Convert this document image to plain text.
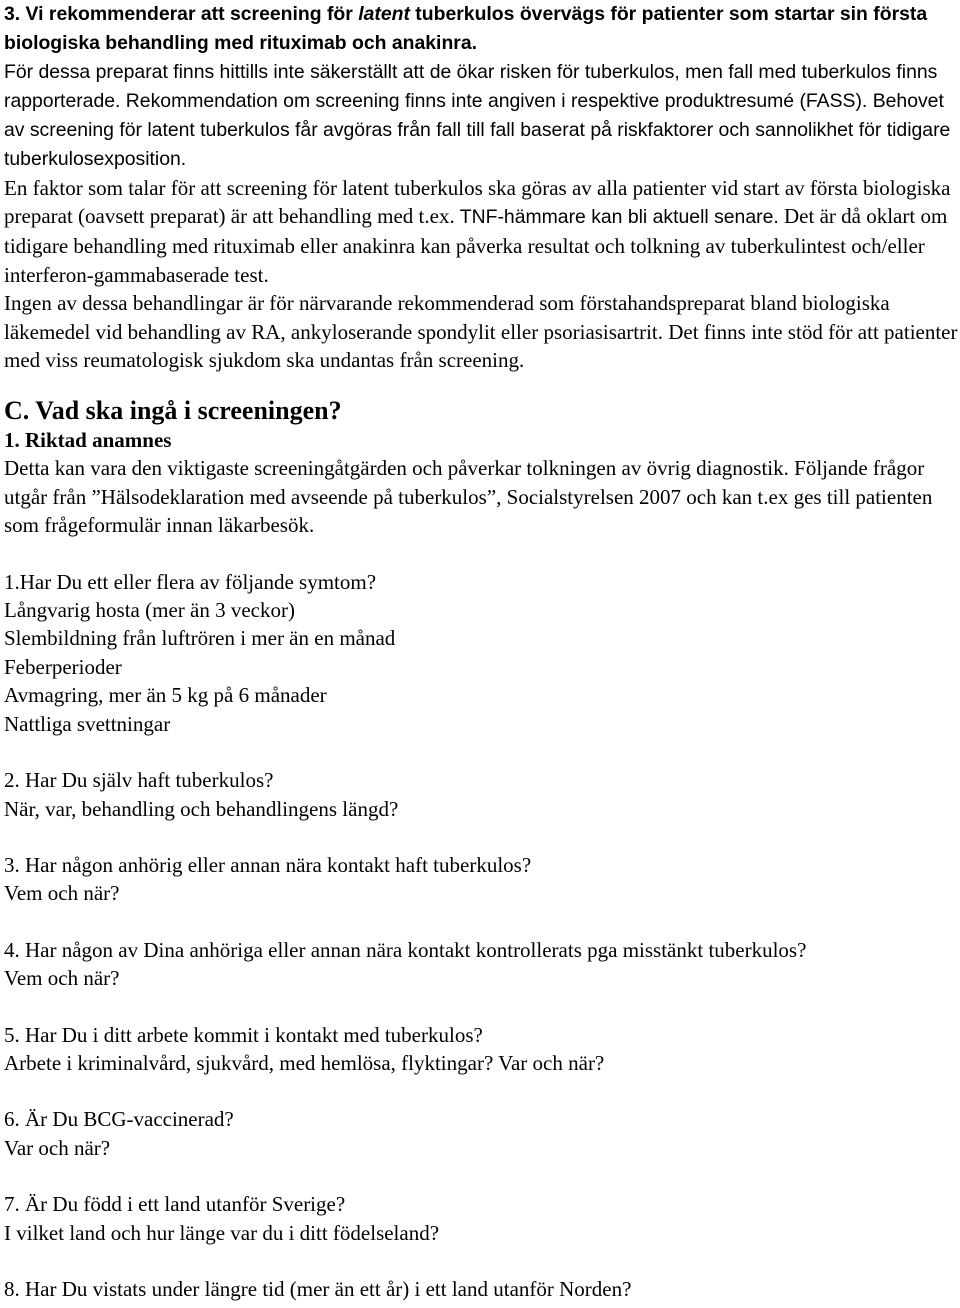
3. Vi rekommenderar att screening för latent tuberkulos övervägs för patienter som startar sin första biologiska behandling med rituximab och anakinra.

För dessa preparat finns hittills inte säkerställt att de ökar risken för tuberkulos, men fall med tuberkulos finns rapporterade. Rekommendation om screening finns inte angiven i respektive produktresumé (FASS). Behovet av screening för latent tuberkulos får avgöras från fall till fall baserat på riskfaktorer och sannolikhet för tidigare tuberkulosexposition.

En faktor som talar för att screening för latent tuberkulos ska göras av alla patienter vid start av första biologiska preparat (oavsett preparat) är att behandling med t.ex. TNF-hämmare kan bli aktuell senare. Det är då oklart om tidigare behandling med rituximab eller anakinra kan påverka resultat och tolkning av tuberkulintest och/eller interferon-gammabaserade test.

Ingen av dessa behandlingar är för närvarande rekommenderad som förstahandspreparat bland biologiska läkemedel vid behandling av RA, ankyloserande spondylit eller psoriasisartrit. Det finns inte stöd för att patienter med viss reumatologisk sjukdom ska undantas från screening.

C. Vad ska ingå i screeningen?

1. Riktad anamnes

Detta kan vara den viktigaste screeningåtgärden och påverkar tolkningen av övrig diagnostik. Följande frågor utgår från ”Hälsodeklaration med avseende på tuberkulos”, Socialstyrelsen 2007 och kan t.ex ges till patienten som frågeformulär innan läkarbesök.

1.Har Du ett eller flera av följande symtom?

Långvarig hosta (mer än 3 veckor)

Slembildning från luftrören i mer än en månad

Feberperioder

Avmagring, mer än 5 kg på 6 månader

Nattliga svettningar

2. Har Du själv haft tuberkulos?

När, var, behandling och behandlingens längd?

3. Har någon anhörig eller annan nära kontakt haft tuberkulos?

Vem och när?

4. Har någon av Dina anhöriga eller annan nära kontakt kontrollerats pga misstänkt tuberkulos?

Vem och när?

5. Har Du i ditt arbete kommit i kontakt med tuberkulos?

Arbete i kriminalvård, sjukvård, med hemlösa, flyktingar? Var och när?

6. Är Du BCG-vaccinerad?

Var och när?

7. Är Du född i ett land utanför Sverige?

I vilket land och hur länge var du i ditt födelseland?

8. Har Du vistats under längre tid (mer än ett år) i ett land utanför Norden?
